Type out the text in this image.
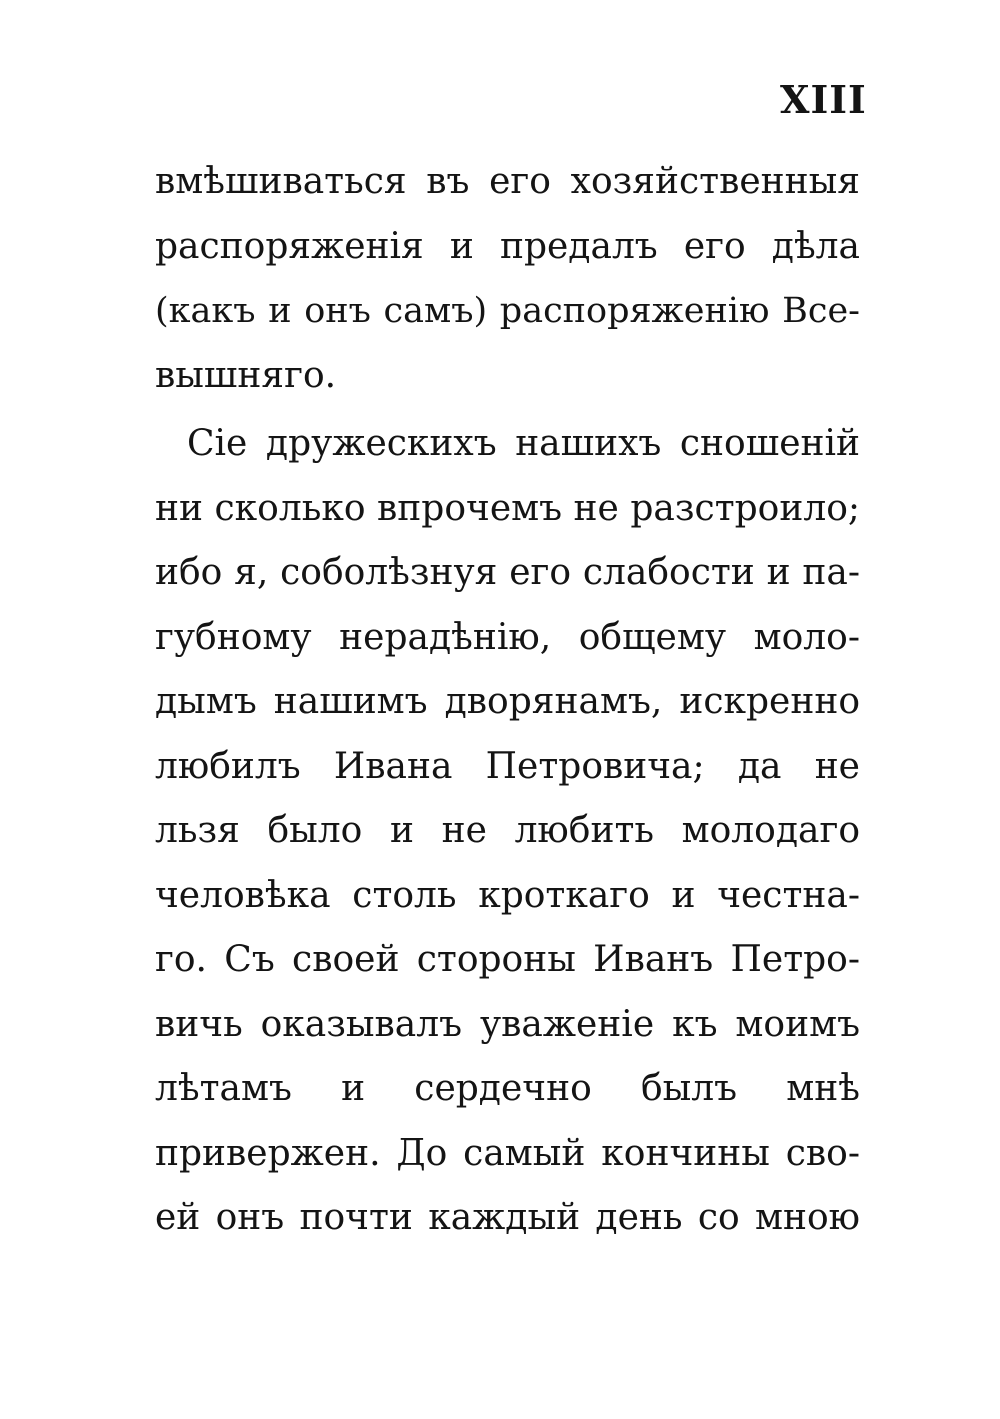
XIII
вмѣшиваться въ его хозяйственныя
распоряженія и предалъ его дѣла
(какъ и онъ самъ) распоряженію Все-
вышняго.
Сіе дружескихъ нашихъ сношеній
ни сколько впрочемъ не разстроило;
ибо я, соболѣзнуя его слабости и па-
губному нерадѣнію, общему моло-
дымъ нашимъ дворянамъ, искренно
любилъ Ивана Петровича; да не
льзя было и не любить молодаго
человѣка столь кроткаго и честна-
го. Съ своей стороны Иванъ Петро-
вичь оказывалъ уваженіе къ моимъ
лѣтамъ и сердечно былъ мнѣ
привержен. До самый кончины сво-
ей онъ почти каждый день со мною
